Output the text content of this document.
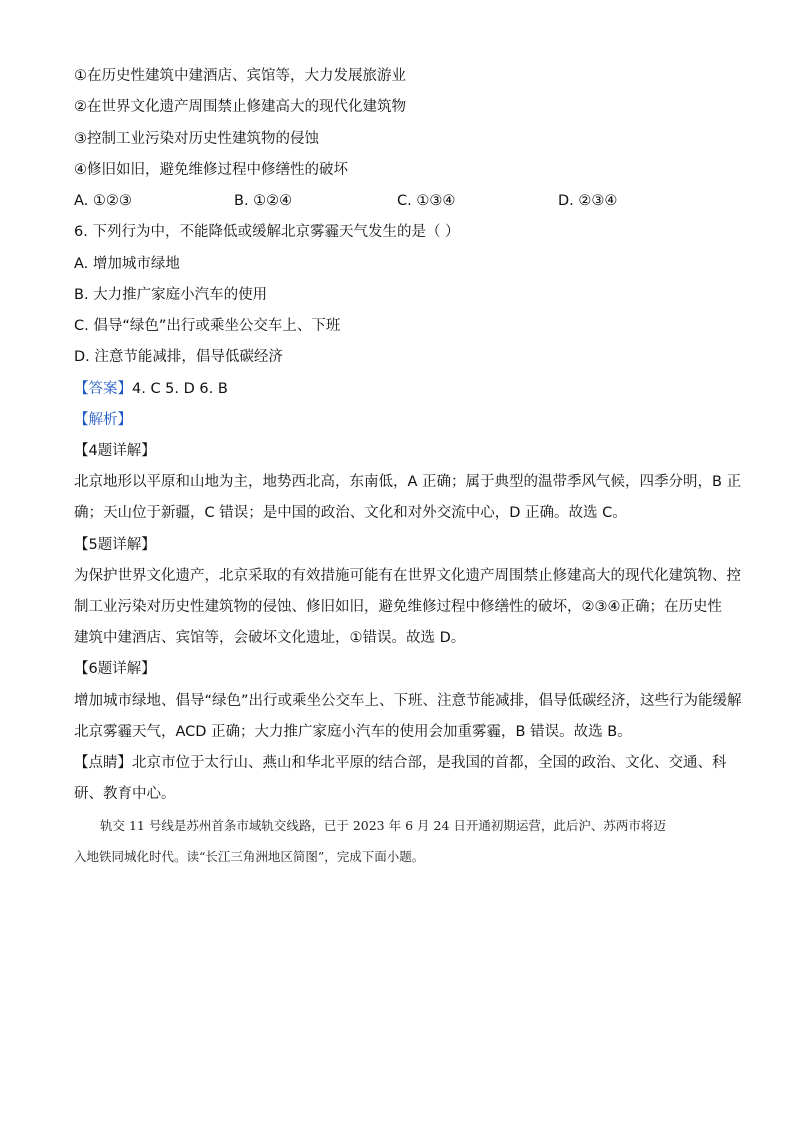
①在历史性建筑中建酒店、宾馆等，大力发展旅游业
②在世界文化遗产周围禁止修建高大的现代化建筑物
③控制工业污染对历史性建筑物的侵蚀
④修旧如旧，避免维修过程中修缮性的破坏
A. ①②③	B. ①②④	C. ①③④	D. ②③④
6. 下列行为中，不能降低或缓解北京雾霾天气发生的是（ ）
A. 增加城市绿地
B. 大力推广家庭小汽车的使用
C. 倡导“绿色”出行或乘坐公交车上、下班
D. 注意节能减排，倡导低碳经济
【答案】4. C 5. D 6. B
【解析】
【4题详解】
北京地形以平原和山地为主，地势西北高，东南低，A 正确；属于典型的温带季风气候，四季分明，B 正
确；天山位于新疆，C 错误；是中国的政治、文化和对外交流中心，D 正确。故选 C。
【5题详解】
为保护世界文化遗产，北京采取的有效措施可能有在世界文化遗产周围禁止修建高大的现代化建筑物、控
制工业污染对历史性建筑物的侵蚀、修旧如旧，避免维修过程中修缮性的破坏，②③④正确；在历史性
建筑中建酒店、宾馆等，会破坏文化遗址，①错误。故选 D。
【6题详解】
增加城市绿地、倡导“绿色”出行或乘坐公交车上、下班、注意节能减排，倡导低碳经济，这些行为能缓解
北京雾霾天气，ACD 正确；大力推广家庭小汽车的使用会加重雾霾，B 错误。故选 B。
【点睛】北京市位于太行山、燕山和华北平原的结合部，是我国的首都，全国的政治、文化、交通、科
研、教育中心。
轨交 11 号线是苏州首条市域轨交线路，已于 2023 年 6 月 24 日开通初期运营，此后沪、苏两市将迈
入地铁同城化时代。读“长江三角洲地区简图”，完成下面小题。
